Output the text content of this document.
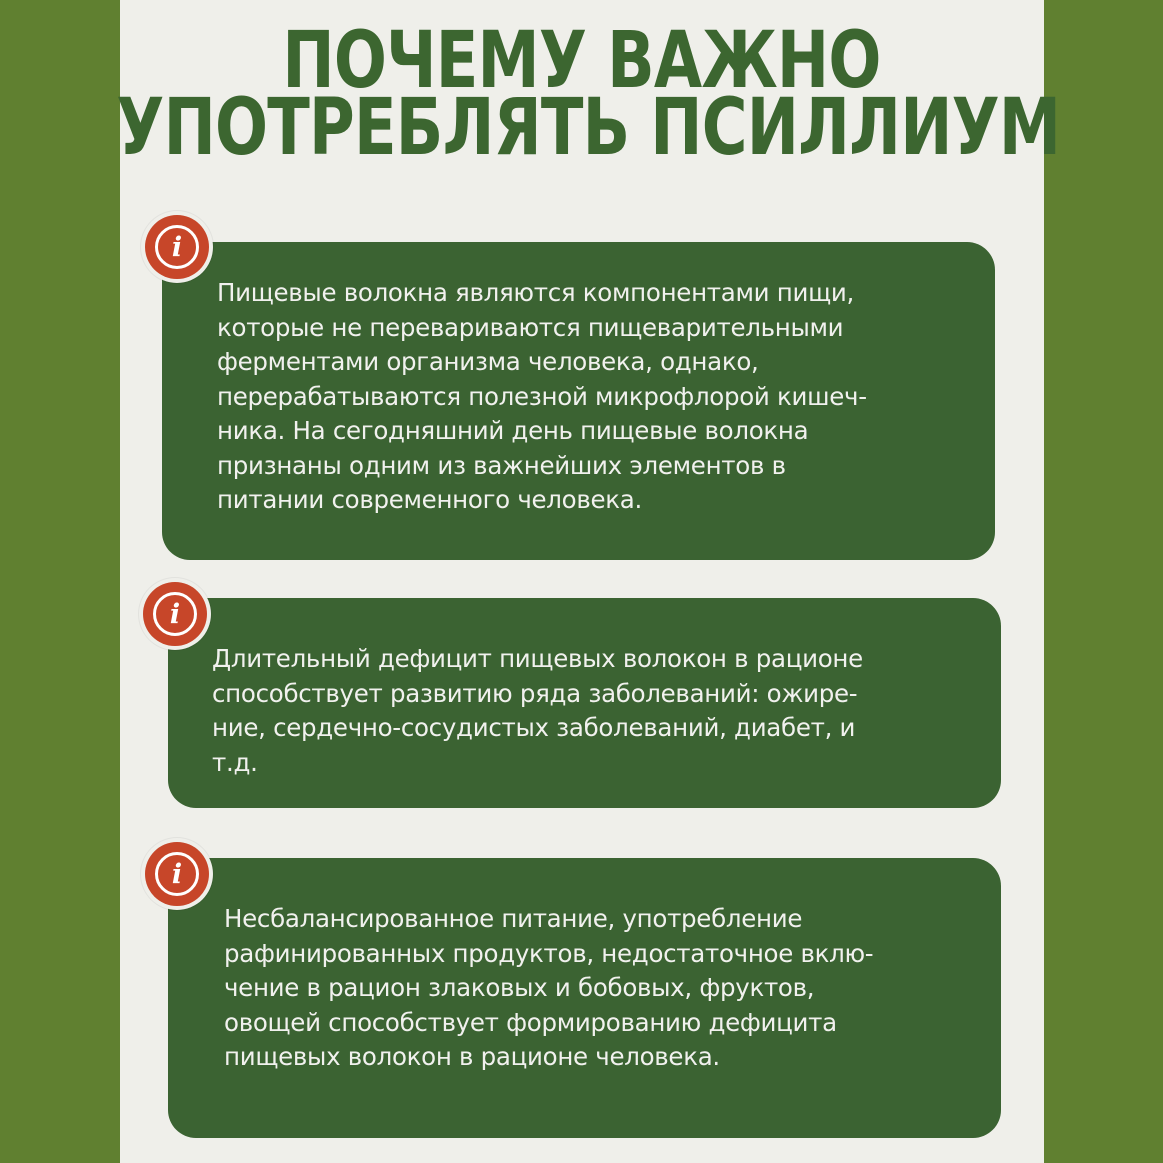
ПОЧЕМУ ВАЖНО
УПОТРЕБЛЯТЬ ПСИЛЛИУМ

Пищевые волокна являются компонентами пищи,
которые не перевариваются пищеварительными
ферментами организма человека, однако,
перерабатываются полезной микрофлорой кишеч-
ника. На сегодняшний день пищевые волокна
признаны одним из важнейших элементов в
питании современного человека.

i

Длительный дефицит пищевых волокон в рационе
способствует развитию ряда заболеваний: ожире-
ние, сердечно-сосудистых заболеваний, диабет, и
т.д.

i

Несбалансированное питание, употребление
рафинированных продуктов, недостаточное вклю-
чение в рацион злаковых и бобовых, фруктов,
овощей способствует формированию дефицита
пищевых волокон в рационе человека.

i
